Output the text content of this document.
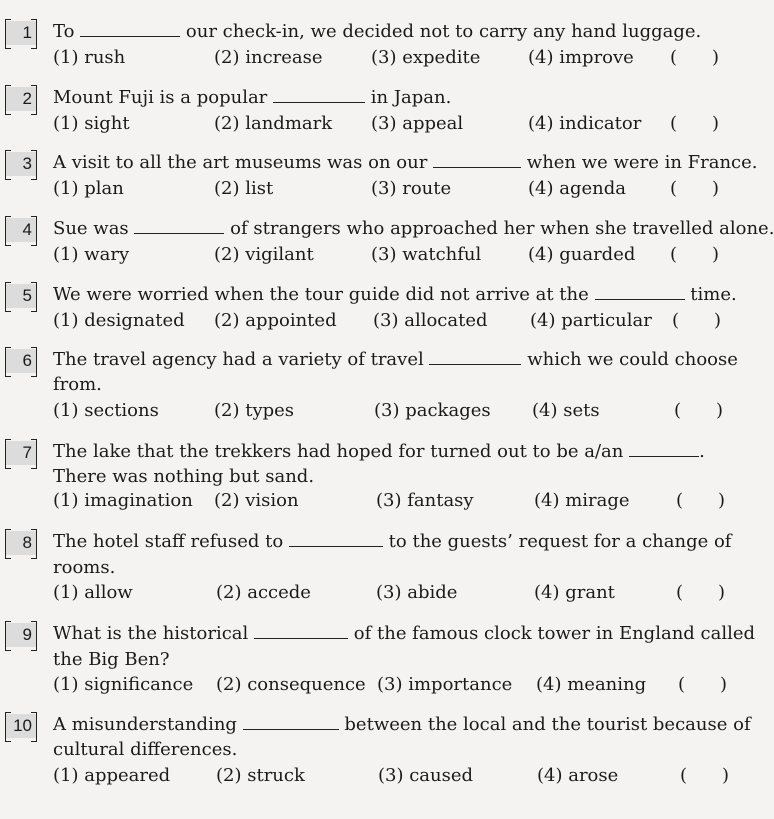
1 To	our check-in, we decided not to carry any hand luggage.
(1) rush	(2) increase	(3) expedite	(4) improve ( )
2 Mount Fuji is a popular	in Japan.
(1) sight	(2) landmark (3) appeal	(4) indicator ( )
3 A visit to all the art museums was on our	when we were in France.
(1) plan	(2) list	(3) route	(4) agenda ( )
4 Sue was	of strangers who approached her when she travelled alone.
(1) wary	(2) vigilant	(3) watchful	(4) guarded ( )
5 We were worried when the tour guide did not arrive at the	time.
(1) designated (2) appointed (3) allocated (4) particular ( )
6 The travel agency had a variety of travel	which we could choose
from.
(1) sections	(2) types	(3) packages (4) sets	( )
7 The lake that the trekkers had hoped for turned out to be a/an	.
There was nothing but sand.
(1) imagination (2) vision	(3) fantasy	(4) mirage	( )
8 The hotel staff refused to	to the guests’ request for a change of
rooms.
(1) allow	(2) accede	(3) abide	(4) grant	( )
9 What is the historical	of the famous clock tower in England called
the Big Ben?
(1) significance (2) consequence (3) importance (4) meaning ( )
10 A misunderstanding	between the local and the tourist because of
cultural differences.
(1) appeared	(2) struck	(3) caused	(4) arose	( )
